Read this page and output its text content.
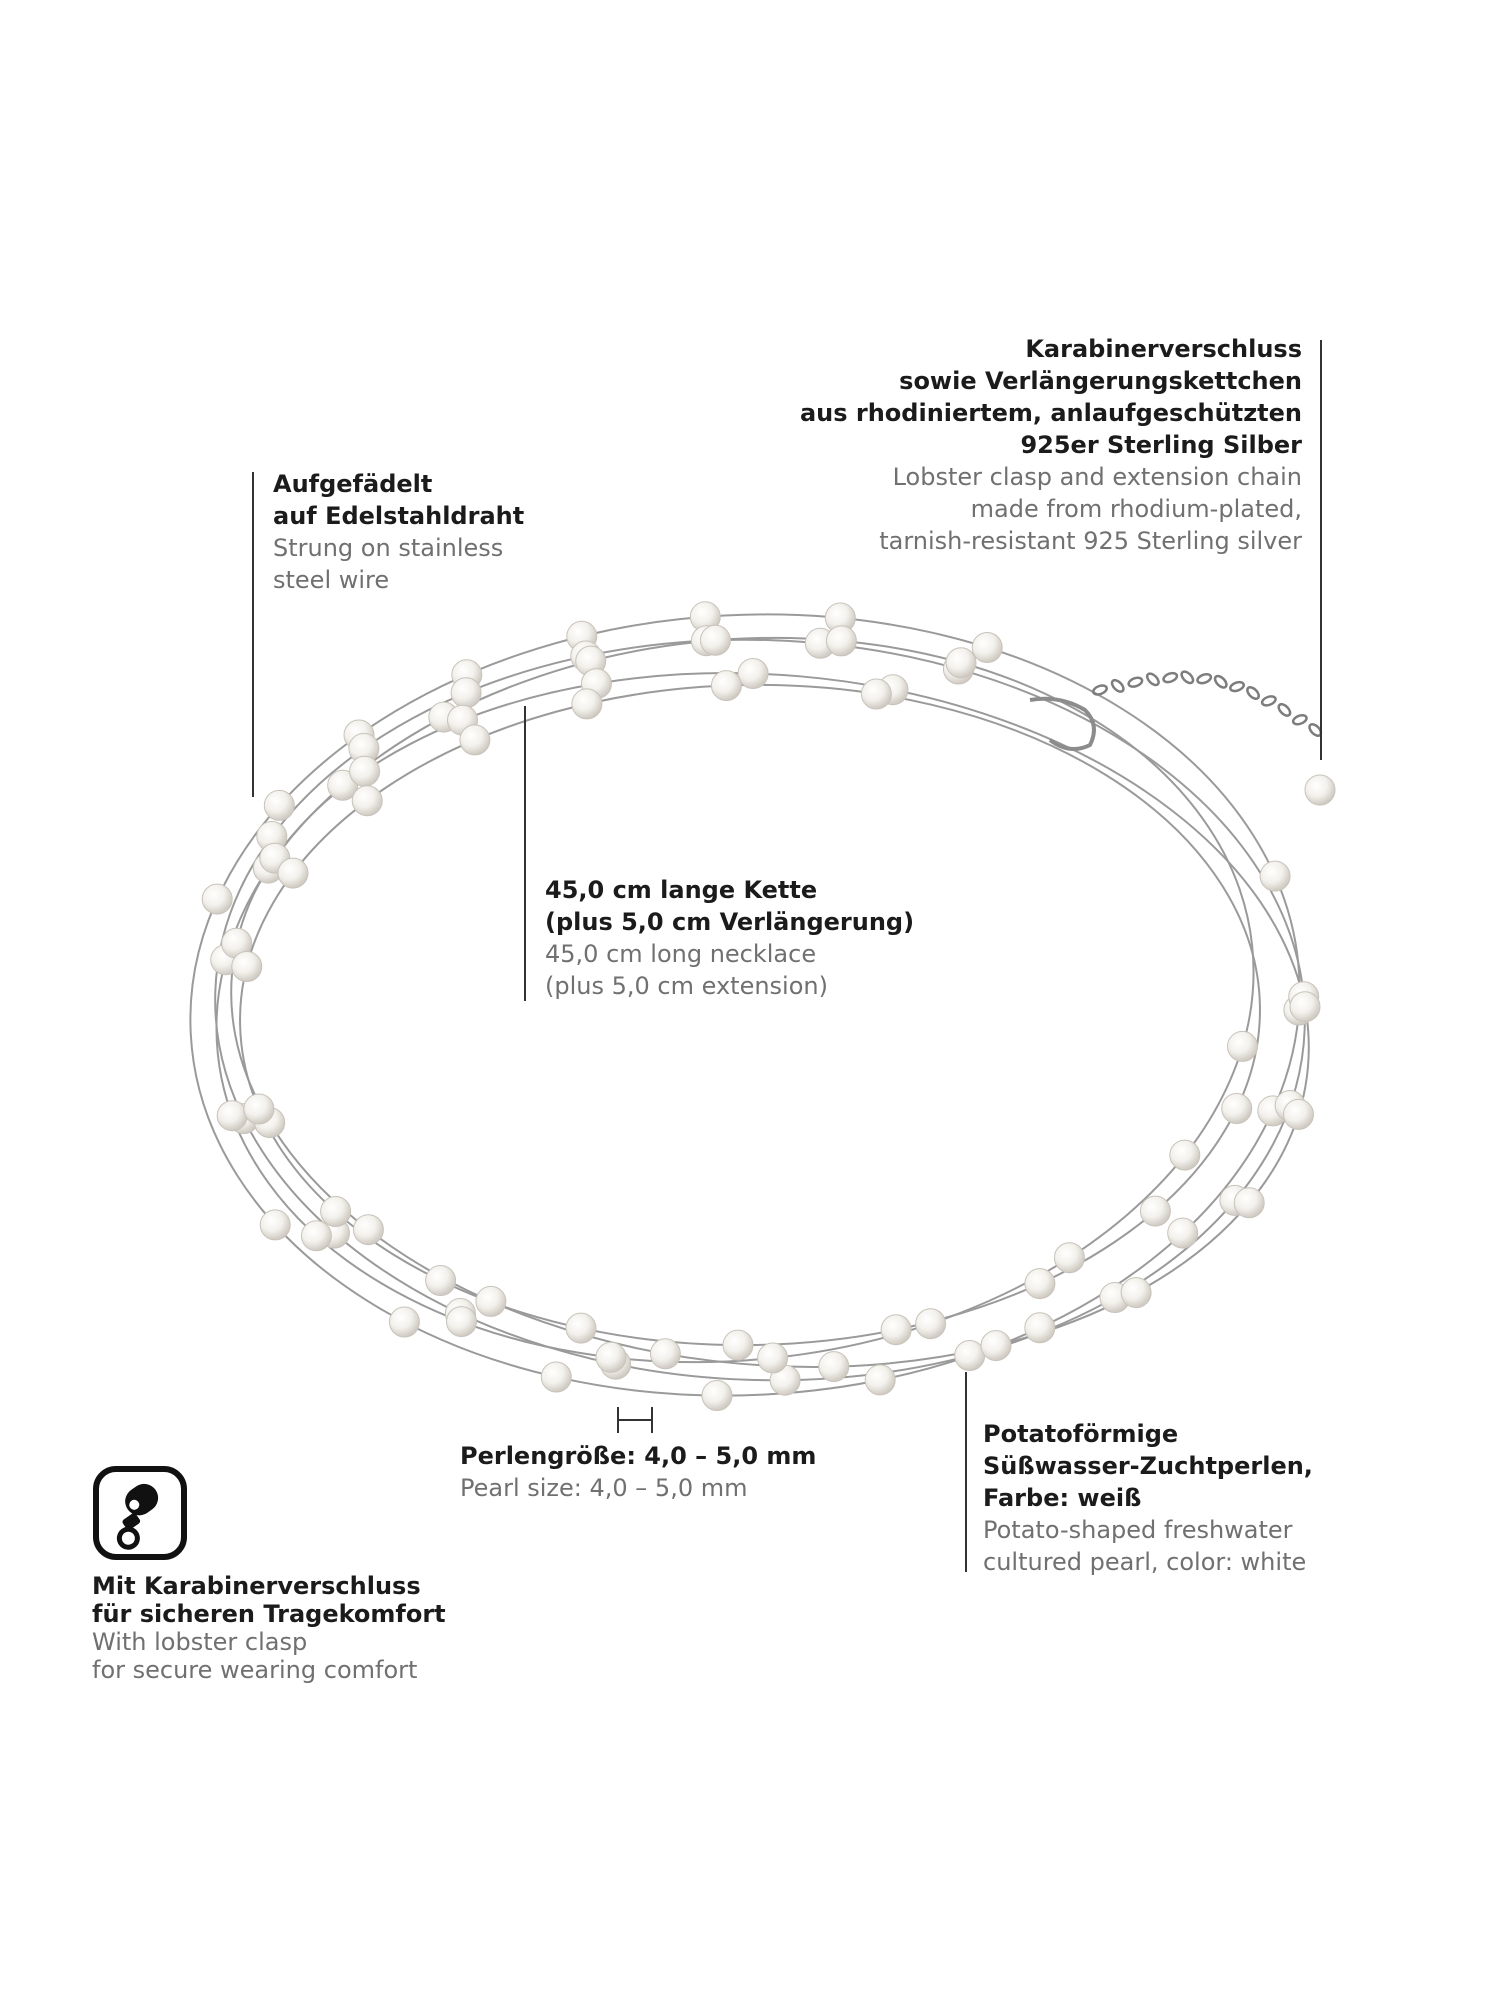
Karabinerverschluss

sowie Verlängerungskettchen

aus rhodiniertem, anlaufgeschützten

925er Sterling Silber

Lobster clasp and extension chain

made from rhodium-plated,

tarnish-resistant 925 Sterling silver

Aufgefädelt

auf Edelstahldraht

Strung on stainless

steel wire

45,0 cm lange Kette

(plus 5,0 cm Verlängerung)

45,0 cm long necklace

(plus 5,0 cm extension)

Perlengröße: 4,0 – 5,0 mm

Pearl size: 4,0 – 5,0 mm

Potatoförmige

Süßwasser-Zuchtperlen,

Farbe: weiß

Potato-shaped freshwater

cultured pearl, color: white

Mit Karabinerverschluss

für sicheren Tragekomfort

With lobster clasp

for secure wearing comfort
